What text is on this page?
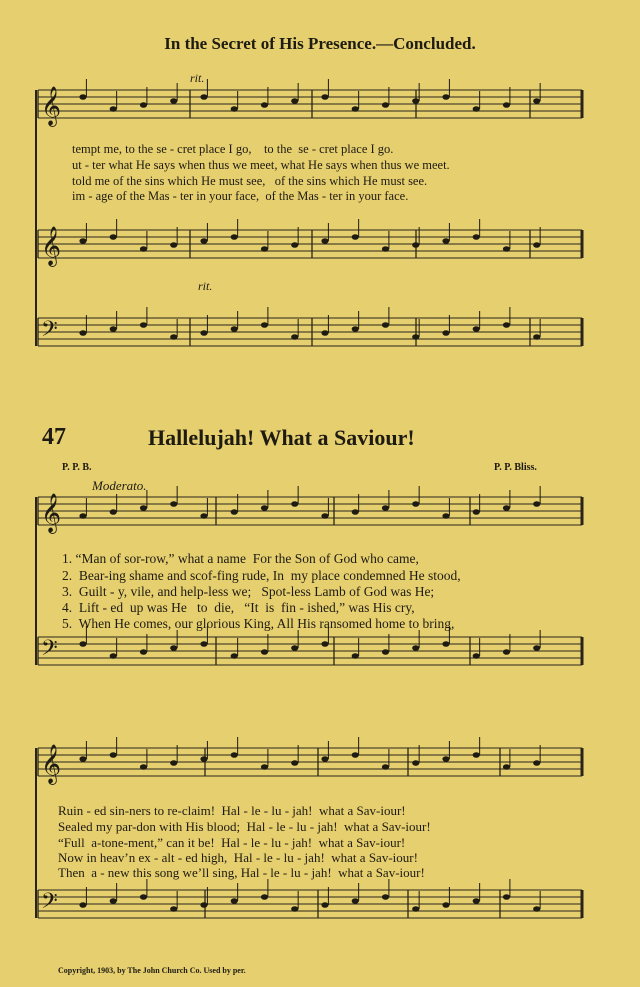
In the Secret of His Presence.—Concluded.
𝄞
𝄞
𝄢
𝄞
𝄢
𝄞
𝄢
rit.
rit.
tempt me, to the se - cret place I go,    to the  se - cret place I go.
ut - ter what He says when thus we meet, what He says when thus we meet.
told me of the sins which He must see,   of the sins which He must see.
im - age of the Mas - ter in your face,  of the Mas - ter in your face.
47	Hallelujah! What a Saviour!
P. P. B.	P. P. Bliss.
Moderato.
1. “Man of sor-row,” what a name  For the Son of God who came,
2.  Bear-ing shame and scof-fing rude, In  my place condemned He stood,
3.  Guilt - y, vile, and help-less we;   Spot-less Lamb of God was He;
4.  Lift - ed  up was He   to  die,   “It  is  fin - ished,” was His cry,
5.  When He comes, our glorious King, All His ransomed home to bring,
Ruin - ed sin-ners to re-claim!  Hal - le - lu - jah!  what a Sav-iour!
Sealed my par-don with His blood;  Hal - le - lu - jah!  what a Sav-iour!
“Full  a-tone-ment,” can it be!  Hal - le - lu - jah!  what a Sav-iour!
Now in heav’n ex - alt - ed high,  Hal - le - lu - jah!  what a Sav-iour!
Then  a - new this song we’ll sing, Hal - le - lu - jah!  what a Sav-iour!
Copyright, 1903, by The John Church Co. Used by per.
